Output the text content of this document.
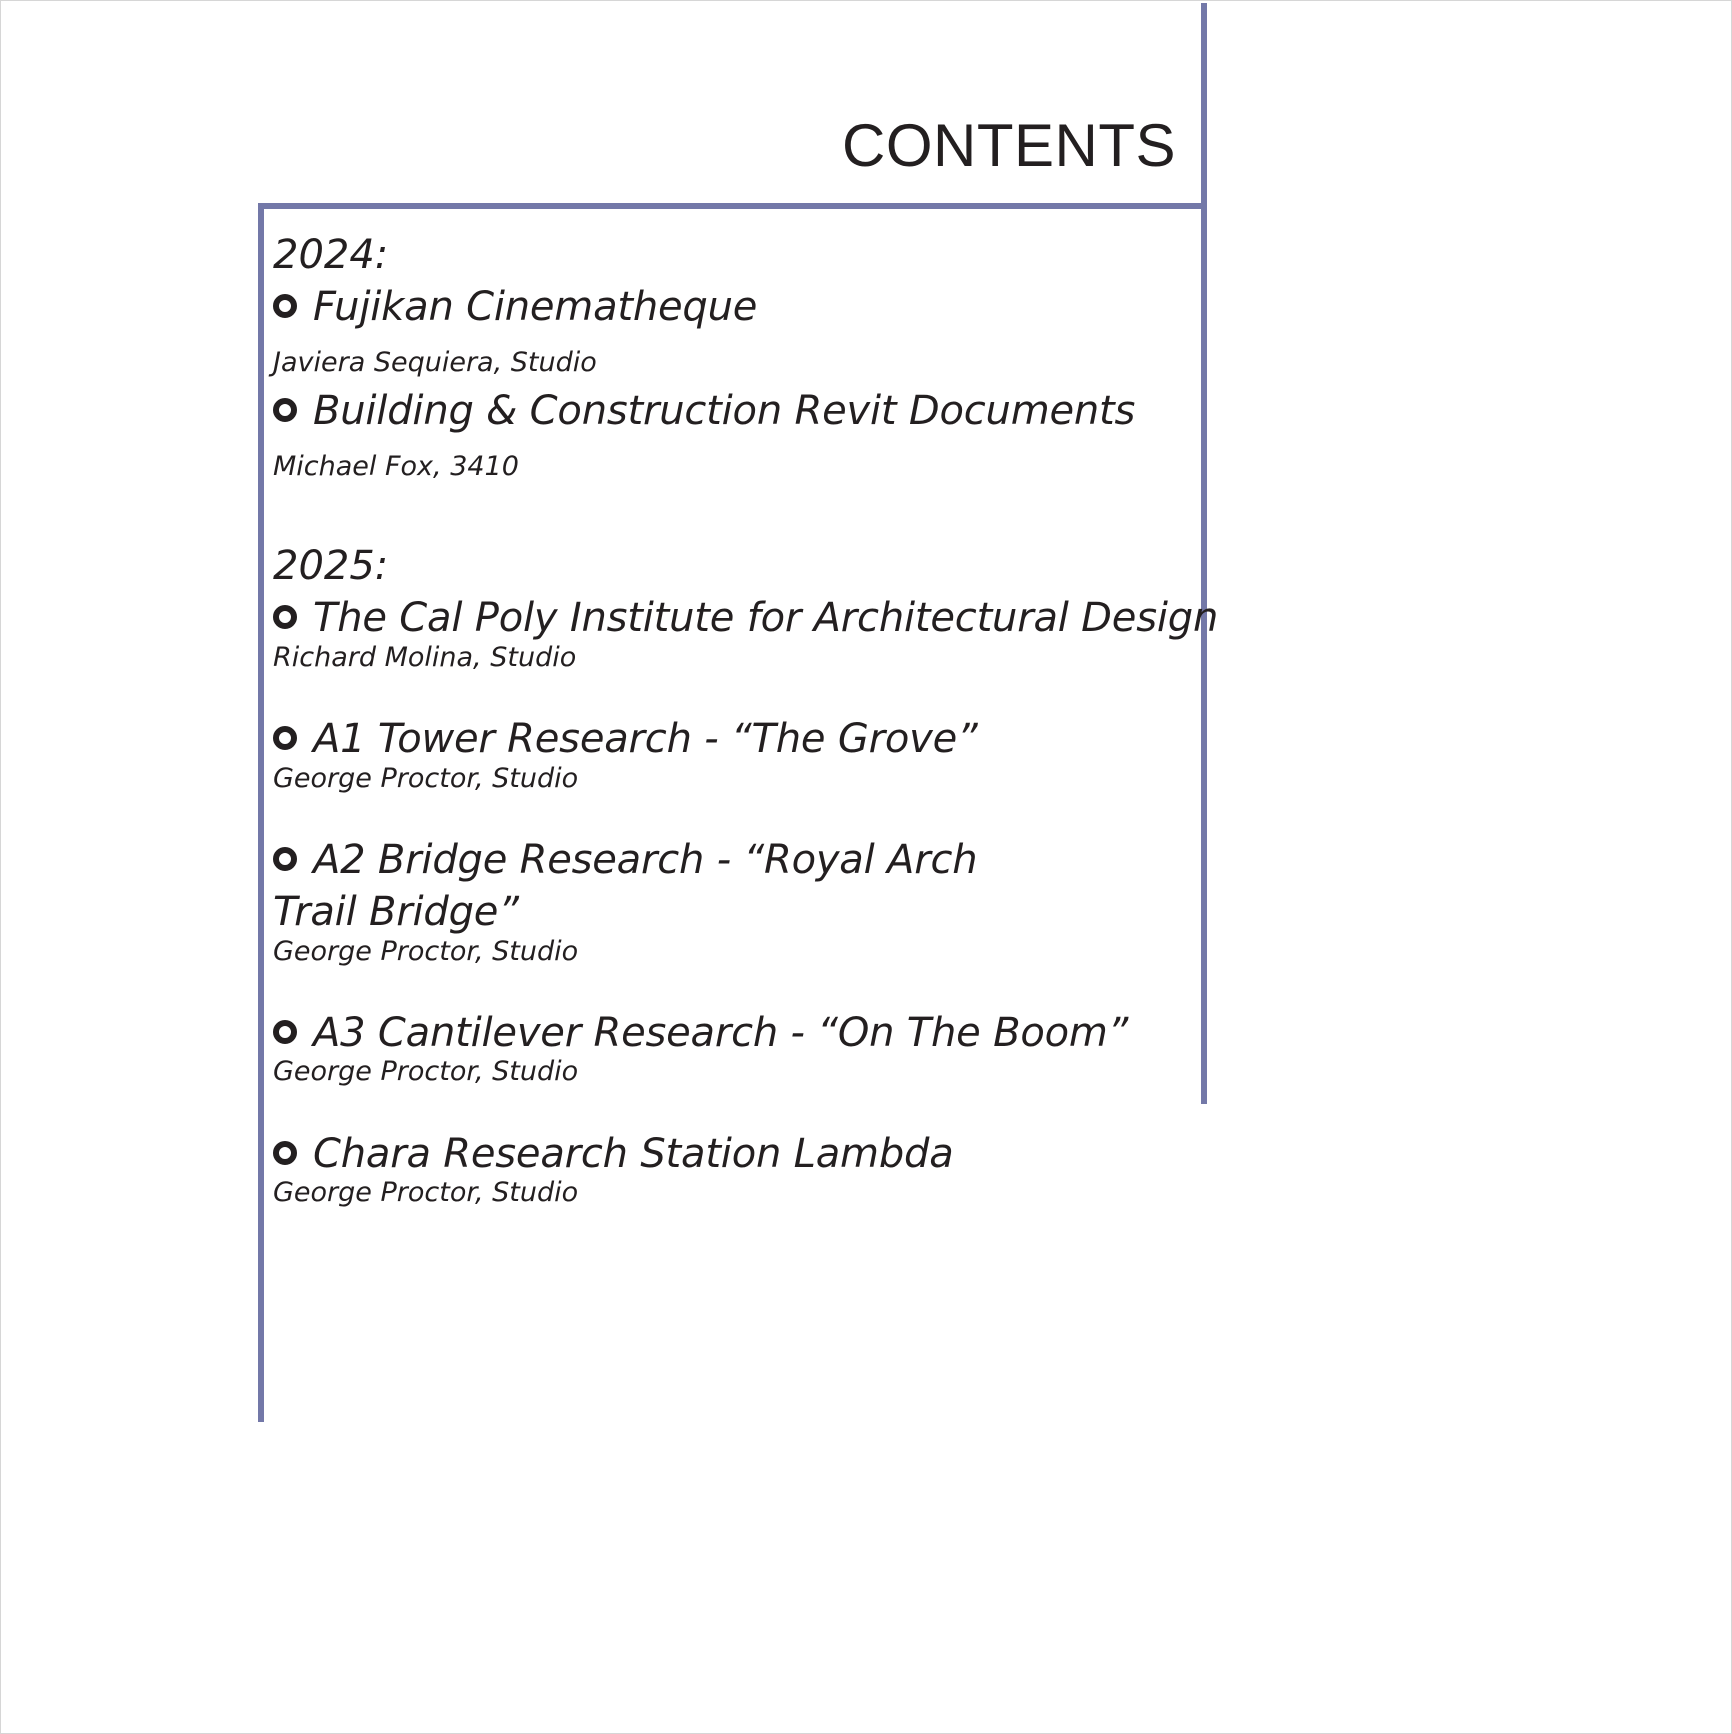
CONTENTS
2024:
Fujikan Cinematheque
Javiera Sequiera, Studio
Building & Construction Revit Documents
Michael Fox, 3410
2025:
The Cal Poly Institute for Architectural Design
Richard Molina, Studio
A1 Tower Research - “The Grove”
George Proctor, Studio
A2 Bridge Research - “Royal Arch Trail Bridge”
George Proctor, Studio
A3 Cantilever Research - “On The Boom”
George Proctor, Studio
Chara Research Station Lambda
George Proctor, Studio
